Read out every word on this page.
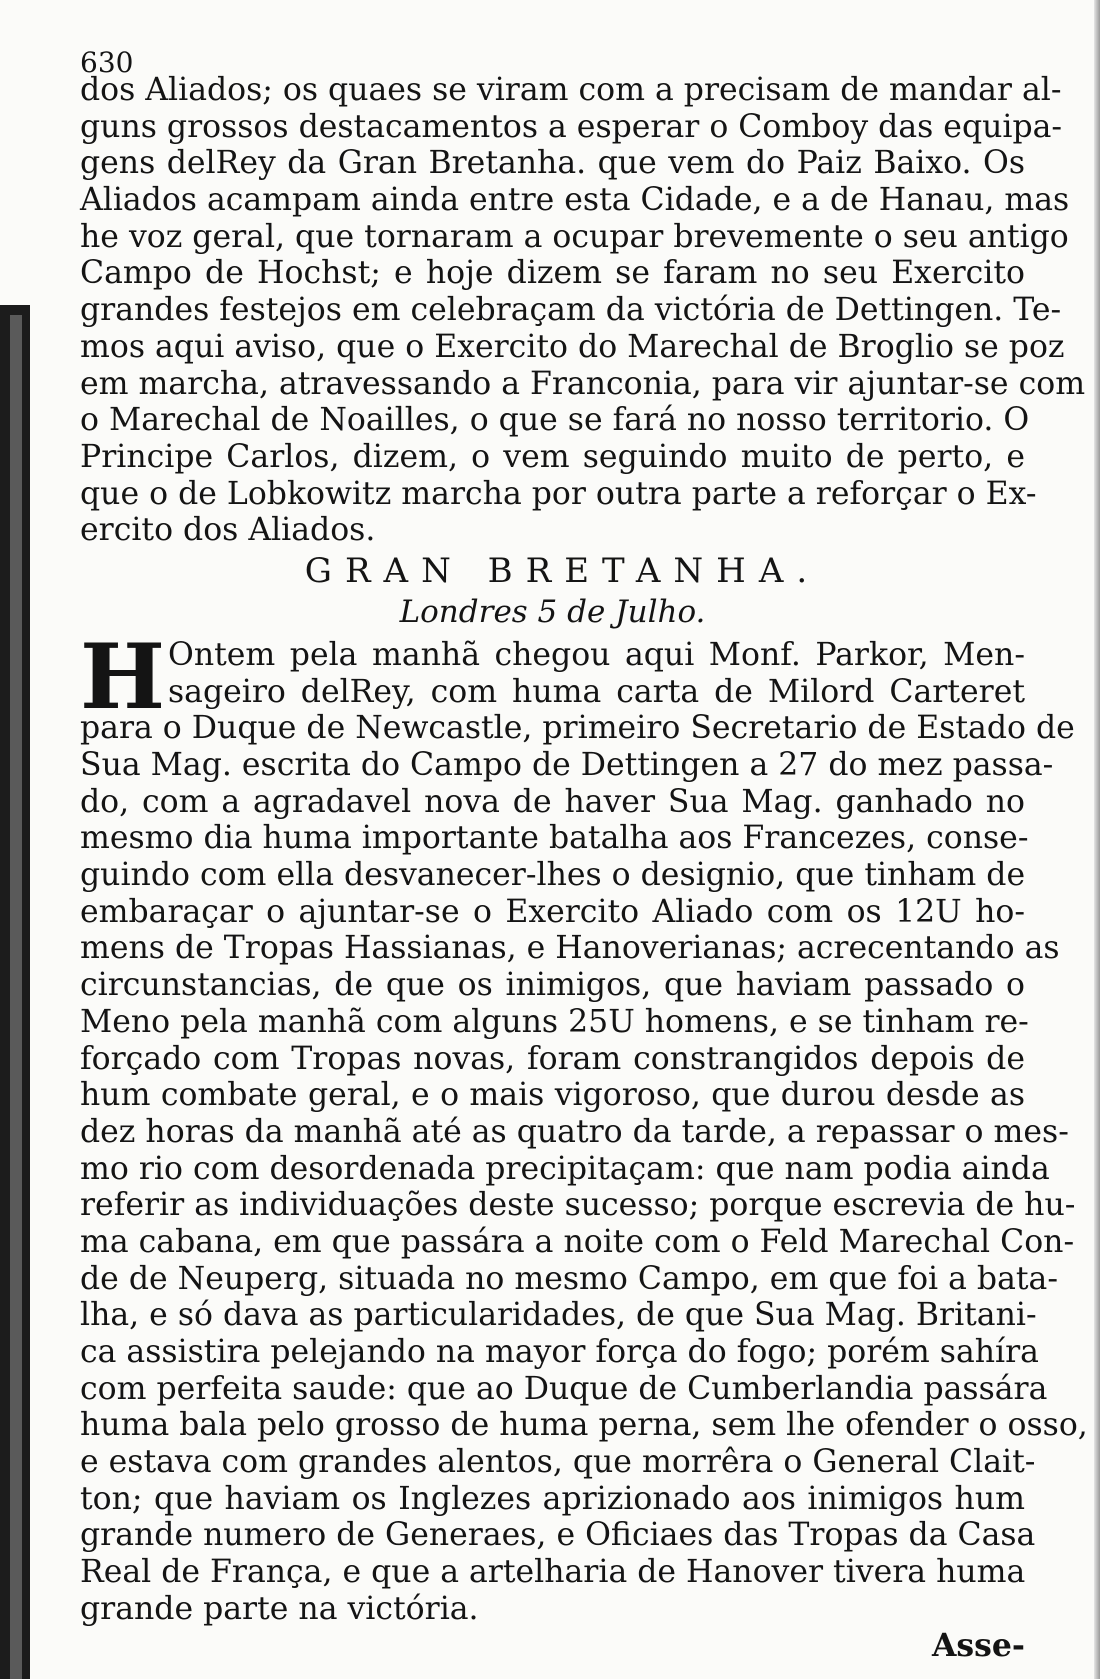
630
dos Aliados; os quaes se viram com a precisam de mandar al-
guns grossos destacamentos a esperar o Comboy das equipa-
gens delRey da Gran Bretanha. que vem do Paiz Baixo. Os
Aliados acampam ainda entre esta Cidade, e a de Hanau, mas
he voz geral, que tornaram a ocupar brevemente o seu antigo
Campo de Hochst; e hoje dizem se faram no seu Exercito
grandes festejos em celebraçam da victória de Dettingen. Te-
mos aqui aviso, que o Exercito do Marechal de Broglio se poz
em marcha, atravessando a Franconia, para vir ajuntar-se com
o Marechal de Noailles, o que se fará no nosso territorio. O
Principe Carlos, dizem, o vem seguindo muito de perto, e
que o de Lobkowitz marcha por outra parte a reforçar o Ex-
ercito dos Aliados.
GRAN BRETANHA.
Londres 5 de Julho.
H Ontem pela manhã chegou aqui Monf. Parkor, Men-
sageiro delRey, com huma carta de Milord Carteret
para o Duque de Newcastle, primeiro Secretario de Estado de
Sua Mag. escrita do Campo de Dettingen a 27 do mez passa-
do, com a agradavel nova de haver Sua Mag. ganhado no
mesmo dia huma importante batalha aos Francezes, conse-
guindo com ella desvanecer-lhes o designio, que tinham de
embaraçar o ajuntar-se o Exercito Aliado com os 12U ho-
mens de Tropas Hassianas, e Hanoverianas; acrecentando as
circunstancias, de que os inimigos, que haviam passado o
Meno pela manhã com alguns 25U homens, e se tinham re-
forçado com Tropas novas, foram constrangidos depois de
hum combate geral, e o mais vigoroso, que durou desde as
dez horas da manhã até as quatro da tarde, a repassar o mes-
mo rio com desordenada precipitaçam: que nam podia ainda
referir as individuações deste sucesso; porque escrevia de hu-
ma cabana, em que passára a noite com o Feld Marechal Con-
de de Neuperg, situada no mesmo Campo, em que foi a bata-
lha, e só dava as particularidades, de que Sua Mag. Britani-
ca assistira pelejando na mayor força do fogo; porém sahíra
com perfeita saude: que ao Duque de Cumberlandia passára
huma bala pelo grosso de huma perna, sem lhe ofender o osso,
e estava com grandes alentos, que morrêra o General Clait-
ton; que haviam os Inglezes aprizionado aos inimigos hum
grande numero de Generaes, e Oficiaes das Tropas da Casa
Real de França, e que a artelharia de Hanover tivera huma
grande parte na victória.
Asse-
